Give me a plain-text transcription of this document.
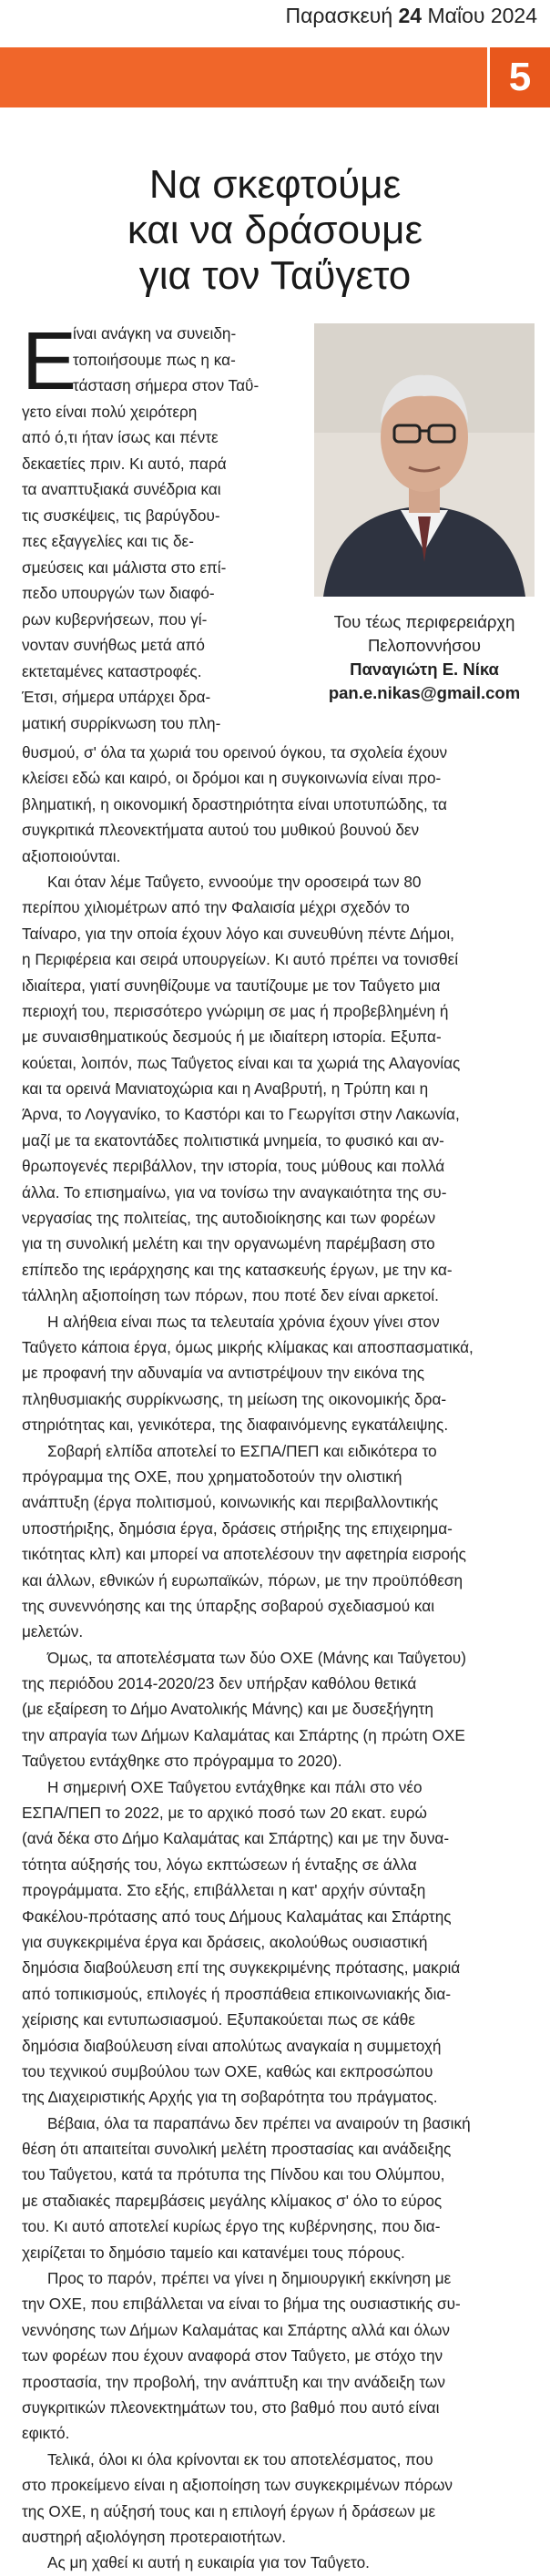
Παρασκευή 24 Μαΐου 2024
5
Να σκεφτούμε
και να δράσουμε
για τον Ταΰγετο
Ε
ίναι ανάγκη να συνειδη-
τοποιήσουμε πως η κα-
τάσταση σήμερα στον Ταΰ-
γετο είναι πολύ χειρότερη
από ό,τι ήταν ίσως και πέντε
δεκαετίες πριν. Κι αυτό, παρά
τα αναπτυξιακά συνέδρια και
τις συσκέψεις, τις βαρύγδου-
πες εξαγγελίες και τις δε-
σμεύσεις και μάλιστα στο επί-
πεδο υπουργών των διαφό-
ρων κυβερνήσεων, που γί-
νονταν συνήθως μετά από
εκτεταμένες καταστροφές.
Έτσι, σήμερα υπάρχει δρα-
ματική συρρίκνωση του πλη-
Του τέως περιφερειάρχη
Πελοποννήσου
Παναγιώτη Ε. Νίκα
pan.e.nikas@gmail.com
θυσμού, σ' όλα τα χωριά του ορεινού όγκου, τα σχολεία έχουν
κλείσει εδώ και καιρό, οι δρόμοι και η συγκοινωνία είναι προ-
βληματική, η οικονομική δραστηριότητα είναι υποτυπώδης, τα
συγκριτικά πλεονεκτήματα αυτού του μυθικού βουνού δεν
αξιοποιούνται.
Και όταν λέμε Ταΰγετο, εννοούμε την οροσειρά των 80
περίπου χιλιομέτρων από την Φαλαισία μέχρι σχεδόν το
Ταίναρο, για την οποία έχουν λόγο και συνευθύνη πέντε Δήμοι,
η Περιφέρεια και σειρά υπουργείων. Κι αυτό πρέπει να τονισθεί
ιδιαίτερα, γιατί συνηθίζουμε να ταυτίζουμε με τον Ταΰγετο μια
περιοχή του, περισσότερο γνώριμη σε μας ή προβεβλημένη ή
με συναισθηματικούς δεσμούς ή με ιδιαίτερη ιστορία. Εξυπα-
κούεται, λοιπόν, πως Ταΰγετος είναι και τα χωριά της Αλαγονίας
και τα ορεινά Μανιατοχώρια και η Αναβρυτή, η Τρύπη και η
Άρνα, το Λογγανίκο, το Καστόρι και το Γεωργίτσι στην Λακωνία,
μαζί με τα εκατοντάδες πολιτιστικά μνημεία, το φυσικό και αν-
θρωπογενές περιβάλλον, την ιστορία, τους μύθους και πολλά
άλλα. Το επισημαίνω, για να τονίσω την αναγκαιότητα της συ-
νεργασίας της πολιτείας, της αυτοδιοίκησης και των φορέων
για τη συνολική μελέτη και την οργανωμένη παρέμβαση στο
επίπεδο της ιεράρχησης και της κατασκευής έργων, με την κα-
τάλληλη αξιοποίηση των πόρων, που ποτέ δεν είναι αρκετοί.
Η αλήθεια είναι πως τα τελευταία χρόνια έχουν γίνει στον
Ταΰγετο κάποια έργα, όμως μικρής κλίμακας και αποσπασματικά,
με προφανή την αδυναμία να αντιστρέψουν την εικόνα της
πληθυσμιακής συρρίκνωσης, τη μείωση της οικονομικής δρα-
στηριότητας και, γενικότερα, της διαφαινόμενης εγκατάλειψης.
Σοβαρή ελπίδα αποτελεί το ΕΣΠΑ/ΠΕΠ και ειδικότερα το
πρόγραμμα της ΟΧΕ, που χρηματοδοτούν την ολιστική
ανάπτυξη (έργα πολιτισμού, κοινωνικής και περιβαλλοντικής
υποστήριξης, δημόσια έργα, δράσεις στήριξης της επιχειρημα-
τικότητας κλπ) και μπορεί να αποτελέσουν την αφετηρία εισροής
και άλλων, εθνικών ή ευρωπαϊκών, πόρων, με την προϋπόθεση
της συνεννόησης και της ύπαρξης σοβαρού σχεδιασμού και
μελετών.
Όμως, τα αποτελέσματα των δύο ΟΧΕ (Μάνης και Ταΰγετου)
της περιόδου 2014-2020/23 δεν υπήρξαν καθόλου θετικά
(με εξαίρεση το Δήμο Ανατολικής Μάνης) και με δυσεξήγητη
την απραγία των Δήμων Καλαμάτας και Σπάρτης (η πρώτη ΟΧΕ
Ταΰγετου εντάχθηκε στο πρόγραμμα το 2020).
Η σημερινή ΟΧΕ Ταΰγετου εντάχθηκε και πάλι στο νέο
ΕΣΠΑ/ΠΕΠ το 2022, με το αρχικό ποσό των 20 εκατ. ευρώ
(ανά δέκα στο Δήμο Καλαμάτας και Σπάρτης) και με την δυνα-
τότητα αύξησής του, λόγω εκπτώσεων ή ένταξης σε άλλα
προγράμματα. Στο εξής, επιβάλλεται η κατ' αρχήν σύνταξη
Φακέλου-πρότασης από τους Δήμους Καλαμάτας και Σπάρτης
για συγκεκριμένα έργα και δράσεις, ακολούθως ουσιαστική
δημόσια διαβούλευση επί της συγκεκριμένης πρότασης, μακριά
από τοπικισμούς, επιλογές ή προσπάθεια επικοινωνιακής δια-
χείρισης και εντυπωσιασμού. Εξυπακούεται πως σε κάθε
δημόσια διαβούλευση είναι απολύτως αναγκαία η συμμετοχή
του τεχνικού συμβούλου των ΟΧΕ, καθώς και εκπροσώπου
της Διαχειριστικής Αρχής για τη σοβαρότητα του πράγματος.
Βέβαια, όλα τα παραπάνω δεν πρέπει να αναιρούν τη βασική
θέση ότι απαιτείται συνολική μελέτη προστασίας και ανάδειξης
του Ταΰγετου, κατά τα πρότυπα της Πίνδου και του Ολύμπου,
με σταδιακές παρεμβάσεις μεγάλης κλίμακος σ' όλο το εύρος
του. Κι αυτό αποτελεί κυρίως έργο της κυβέρνησης, που δια-
χειρίζεται το δημόσιο ταμείο και κατανέμει τους πόρους.
Προς το παρόν, πρέπει να γίνει η δημιουργική εκκίνηση με
την ΟΧΕ, που επιβάλλεται να είναι το βήμα της ουσιαστικής συ-
νεννόησης των Δήμων Καλαμάτας και Σπάρτης αλλά και όλων
των φορέων που έχουν αναφορά στον Ταΰγετο, με στόχο την
προστασία, την προβολή, την ανάπτυξη και την ανάδειξη των
συγκριτικών πλεονεκτημάτων του, στο βαθμό που αυτό είναι
εφικτό.
Τελικά, όλοι κι όλα κρίνονται εκ του αποτελέσματος, που
στο προκείμενο είναι η αξιοποίηση των συγκεκριμένων πόρων
της ΟΧΕ, η αύξησή τους και η επιλογή έργων ή δράσεων με
αυστηρή αξιολόγηση προτεραιοτήτων.
Ας μη χαθεί κι αυτή η ευκαιρία για τον Ταΰγετο.
